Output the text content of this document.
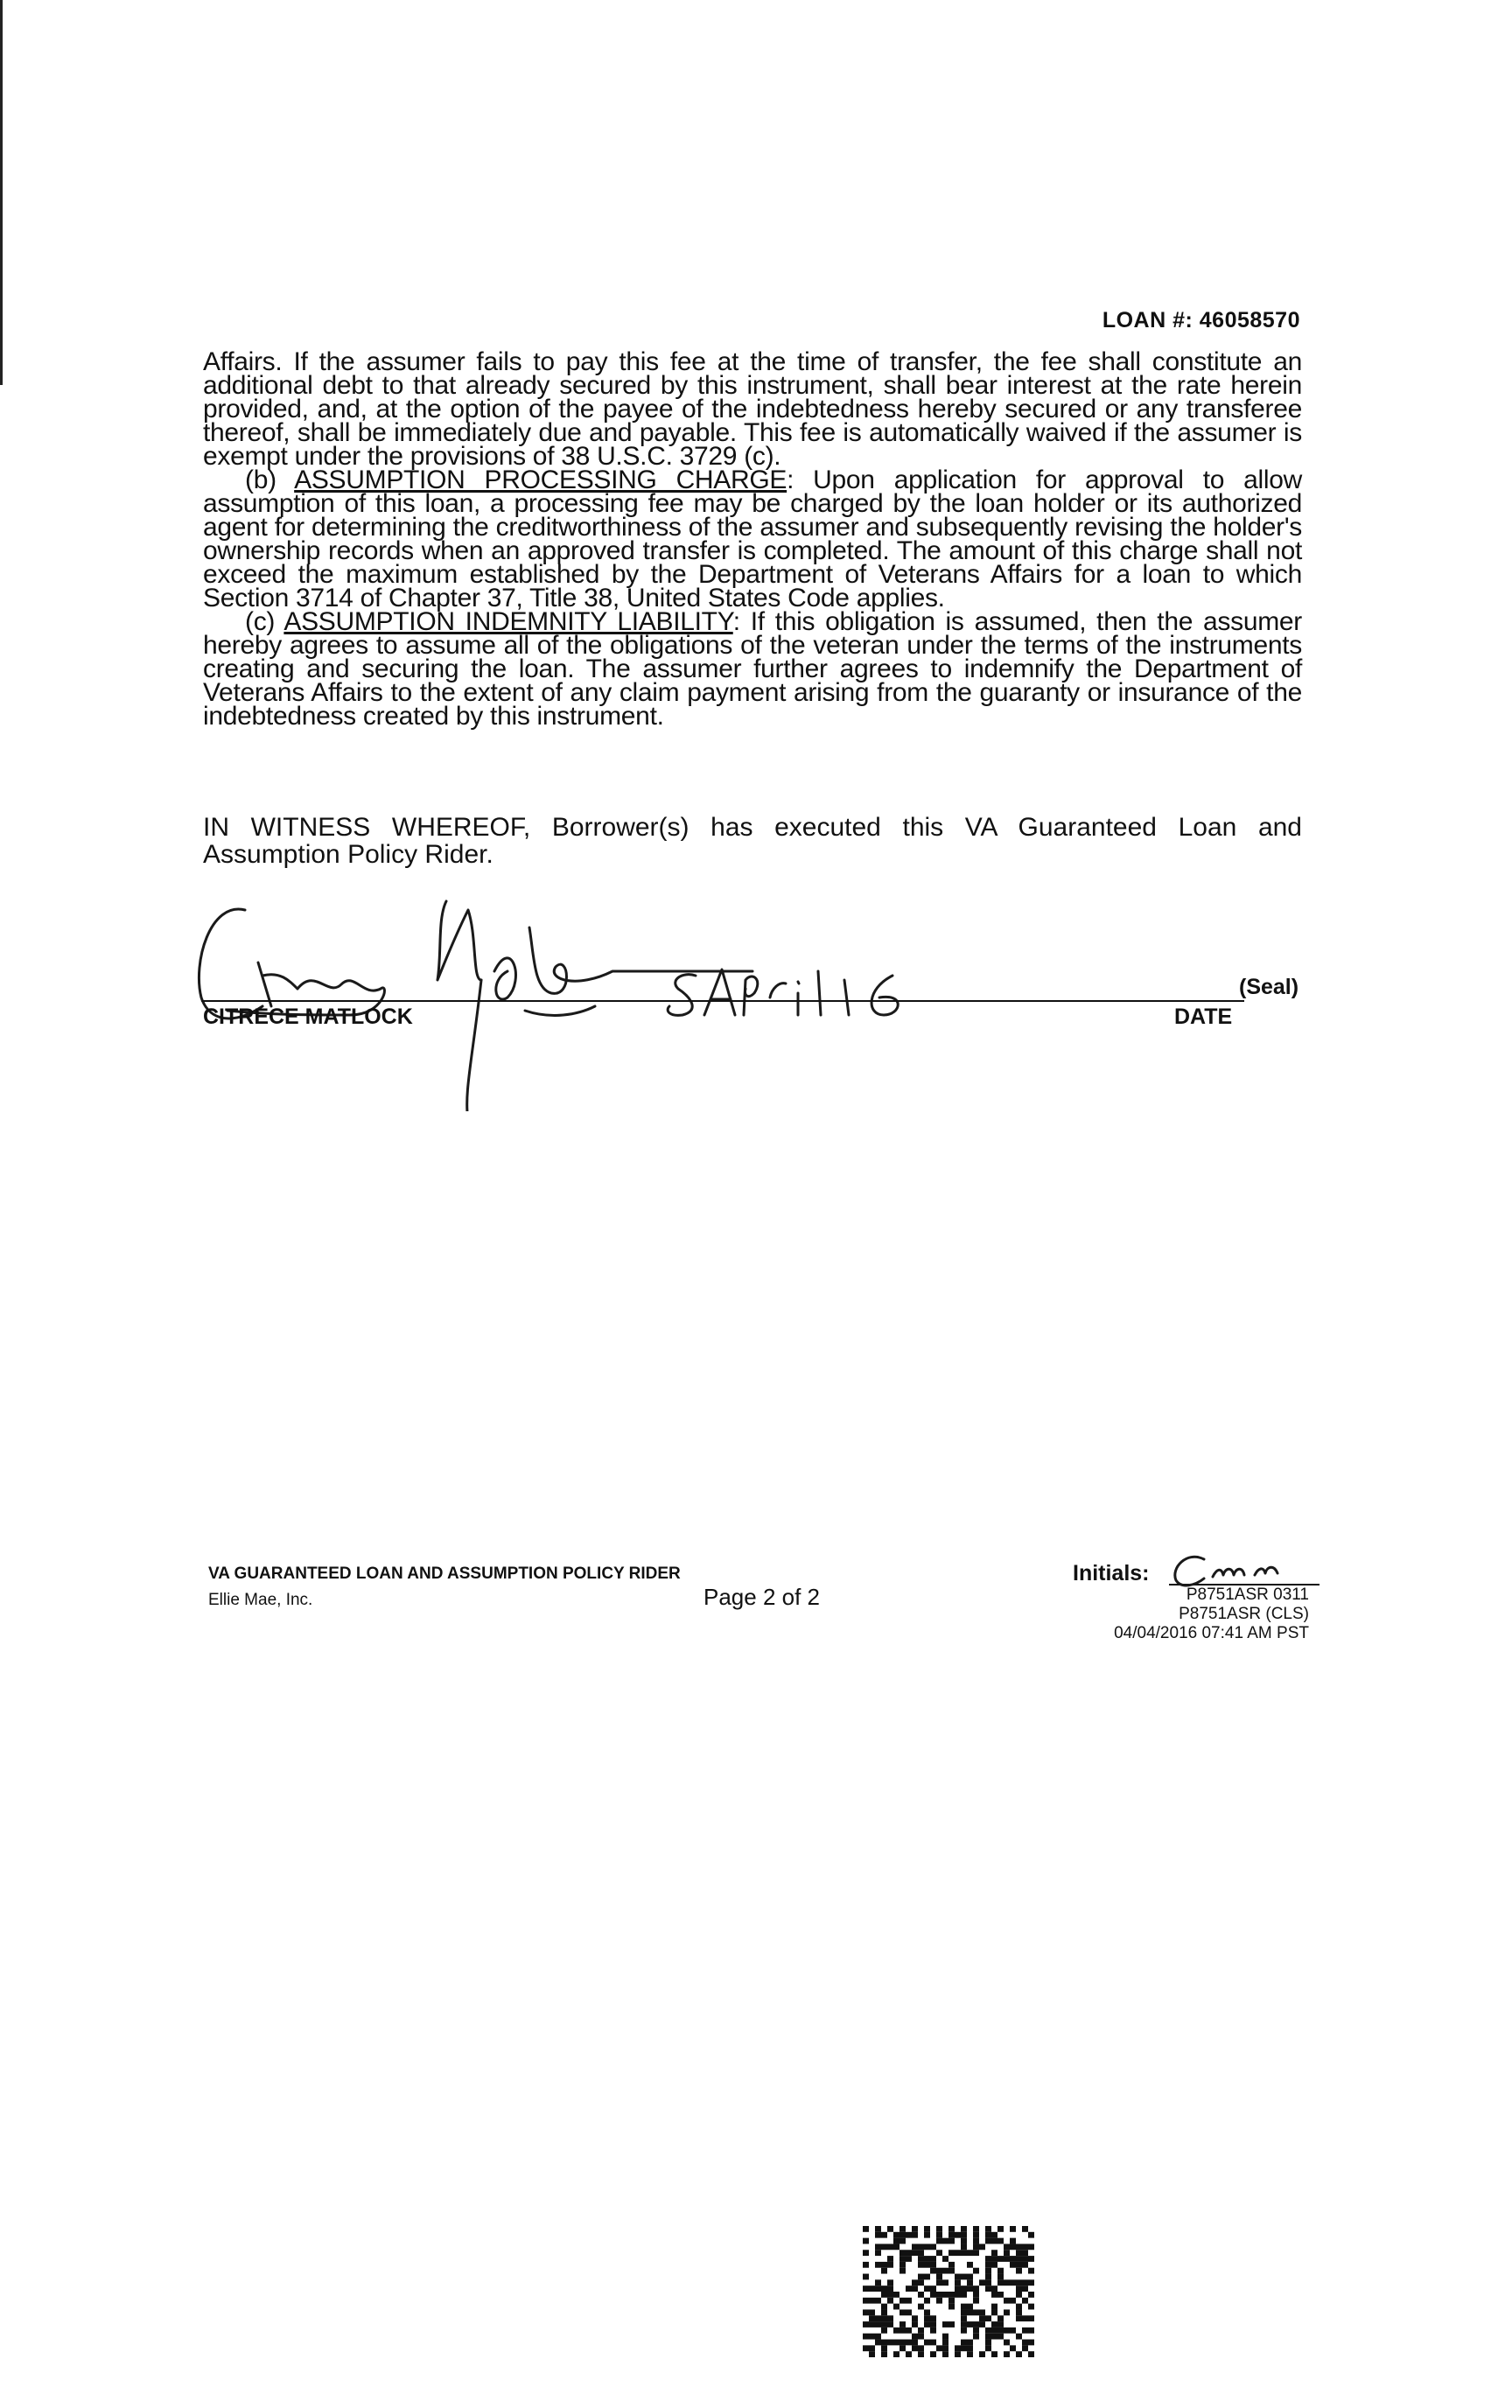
LOAN #: 46058570

Affairs. If the assumer fails to pay this fee at the time of transfer, the fee shall constitute an additional debt to that already secured by this instrument, shall bear interest at the rate herein provided, and, at the option of the payee of the indebtedness hereby secured or any transferee thereof, shall be immediately due and payable. This fee is automatically waived if the assumer is exempt under the provisions of 38 U.S.C. 3729 (c).

(b) ASSUMPTION PROCESSING CHARGE: Upon application for approval to allow assumption of this loan, a processing fee may be charged by the loan holder or its authorized agent for determining the creditworthiness of the assumer and subsequently revising the holder's ownership records when an approved transfer is completed. The amount of this charge shall not exceed the maximum established by the Department of Veterans Affairs for a loan to which Section 3714 of Chapter 37, Title 38, United States Code applies.

(c) ASSUMPTION INDEMNITY LIABILITY: If this obligation is assumed, then the assumer hereby agrees to assume all of the obligations of the veteran under the terms of the instruments creating and securing the loan. The assumer further agrees to indemnify the Department of Veterans Affairs to the extent of any claim payment arising from the guaranty or insurance of the indebtedness created by this instrument.

IN WITNESS WHEREOF, Borrower(s) has executed this VA Guaranteed Loan and Assumption Policy Rider.
CITRECE MATLOCK
(Seal)
DATE
VA GUARANTEED LOAN AND ASSUMPTION POLICY RIDER
Ellie Mae, Inc.	Page 2 of 2
Initials:
P8751ASR 0311
P8751ASR (CLS)
04/04/2016 07:41 AM PST
